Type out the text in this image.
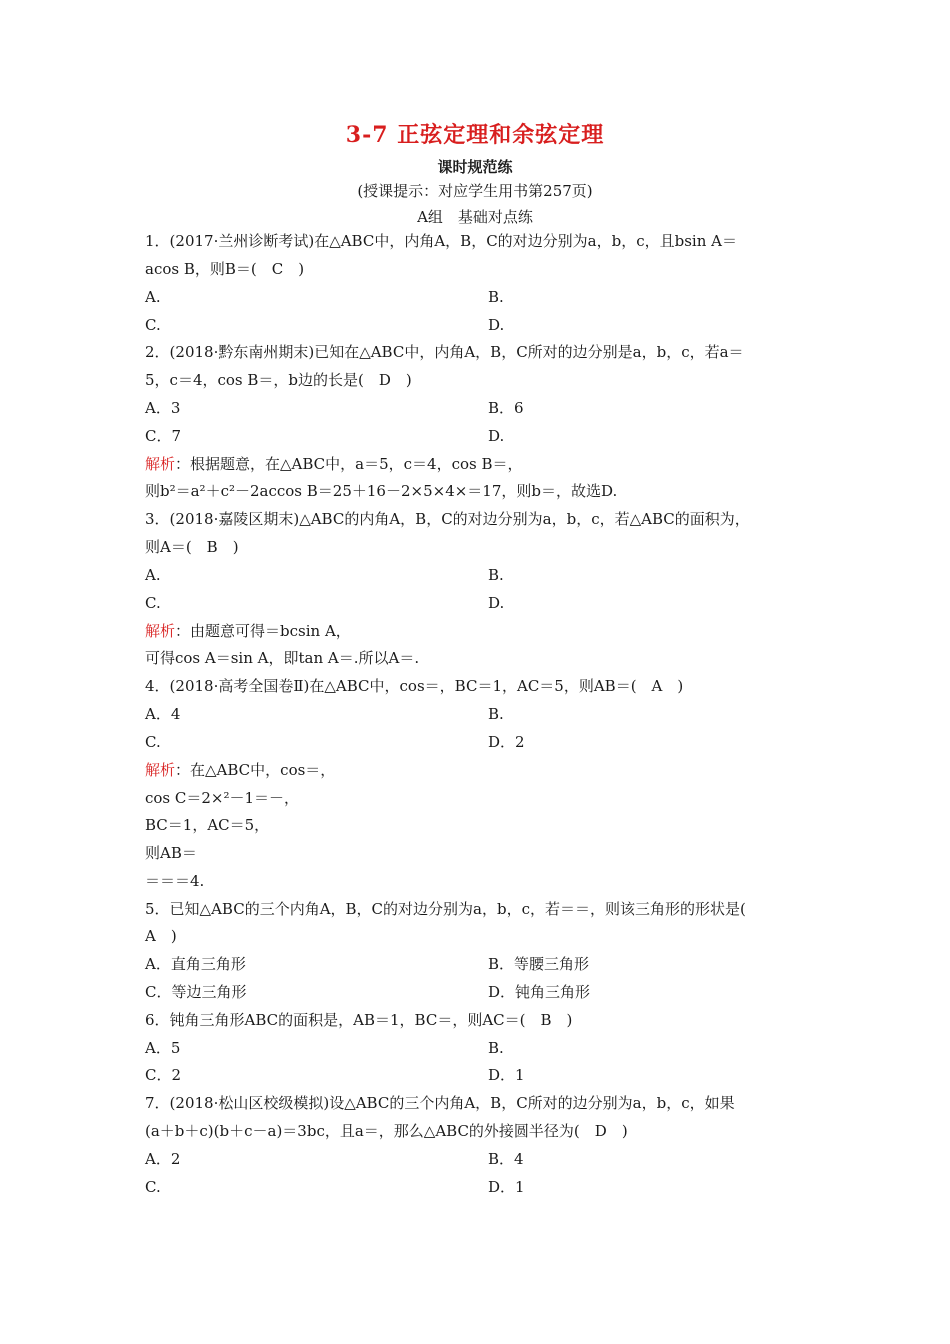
3-7 正弦定理和余弦定理
课时规范练
(授课提示：对应学生用书第257页)
A组　基础对点练
1．(2017·兰州诊断考试)在△ABC中，内角A，B，C的对边分别为a，b，c，且bsin A＝
acos B，则B＝(　C　)
A.	B.
C.	D.
2．(2018·黔东南州期末)已知在△ABC中，内角A，B，C所对的边分别是a，b，c，若a＝
5，c＝4，cos B＝，b边的长是(　D　)
A．3	B．6
C．7	D.
解析：根据题意，在△ABC中，a＝5，c＝4，cos B＝，
则b²＝a²＋c²－2accos B＝25＋16－2×5×4×＝17，则b＝，故选D.
3．(2018·嘉陵区期末)△ABC的内角A，B，C的对边分别为a，b，c，若△ABC的面积为，
则A＝(　B　)
A.	B.
C.	D.
解析：由题意可得＝bcsin A，
可得cos A＝sin A，即tan A＝.所以A＝.
4．(2018·高考全国卷Ⅱ)在△ABC中，cos＝，BC＝1，AC＝5，则AB＝(　A　)
A．4	B.
C.	D．2
解析：在△ABC中，cos＝，
cos C＝2×²－1＝－，
BC＝1，AC＝5，
则AB＝
＝＝＝4.
5．已知△ABC的三个内角A，B，C的对边分别为a，b，c，若＝＝，则该三角形的形状是(
A　)
A．直角三角形	B．等腰三角形
C．等边三角形	D．钝角三角形
6．钝角三角形ABC的面积是，AB＝1，BC＝，则AC＝(　B　)
A．5	B.
C．2	D．1
7．(2018·松山区校级模拟)设△ABC的三个内角A，B，C所对的边分别为a，b，c，如果
(a＋b＋c)(b＋c－a)＝3bc，且a＝，那么△ABC的外接圆半径为(　D　)
A．2	B．4
C.	D．1
